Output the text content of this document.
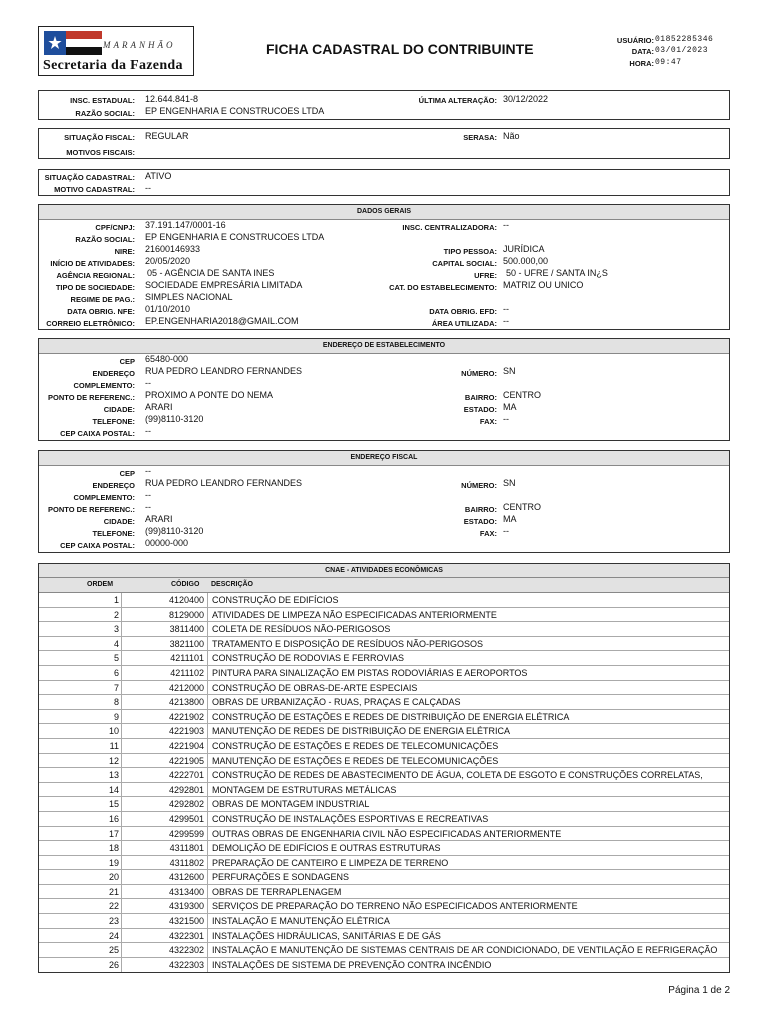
MARANHÃO
Secretaria da Fazenda
FICHA CADASTRAL DO CONTRIBUINTE
USUÁRIO: 01852285346
DATA: 03/01/2023
HORA: 09:47
INSC. ESTADUAL: 12.644.841-8
RAZÃO SOCIAL: EP ENGENHARIA E CONSTRUCOES LTDA
ÚLTIMA ALTERAÇÃO: 30/12/2022
SITUAÇÃO FISCAL: REGULAR
MOTIVOS FISCAIS:
SERASA: Não
SITUAÇÃO CADASTRAL: ATIVO
MOTIVO CADASTRAL: --
DADOS GERAIS
CPF/CNPJ: 37.191.147/0001-16
RAZÃO SOCIAL: EP ENGENHARIA E CONSTRUCOES LTDA
NIRE: 21600146933
INÍCIO DE ATIVIDADES: 20/05/2020
AGÊNCIA REGIONAL: 05 - AGÊNCIA DE SANTA INES
TIPO DE SOCIEDADE: SOCIEDADE EMPRESÁRIA LIMITADA
REGIME DE PAG.: SIMPLES NACIONAL
DATA OBRIG. NFE: 01/10/2010
CORREIO ELETRÔNICO: EP.ENGENHARIA2018@GMAIL.COM
INSC. CENTRALIZADORA: --
TIPO PESSOA: JURÍDICA
CAPITAL SOCIAL: 500.000,00
UFRE: 50 - UFRE / SANTA IN¿S
CAT. DO ESTABELECIMENTO: MATRIZ OU UNICO
DATA OBRIG. EFD: --
ÁREA UTILIZADA: --
ENDEREÇO DE ESTABELECIMENTO
CEP 65480-000
ENDEREÇO RUA PEDRO LEANDRO FERNANDES
COMPLEMENTO: --
PONTO DE REFERENC.: PROXIMO A PONTE DO NEMA
CIDADE: ARARI
TELEFONE: (99)8110-3120
CEP CAIXA POSTAL: --
NÚMERO: SN
BAIRRO: CENTRO
ESTADO: MA
FAX: --
ENDEREÇO FISCAL
CEP --
ENDEREÇO RUA PEDRO LEANDRO FERNANDES
COMPLEMENTO: --
PONTO DE REFERENC.: --
CIDADE: ARARI
TELEFONE: (99)8110-3120
CEP CAIXA POSTAL: 00000-000
NÚMERO: SN
BAIRRO: CENTRO
ESTADO: MA
FAX: --
CNAE - ATIVIDADES ECONÔMICAS
ORDEM	CÓDIGO DESCRIÇÃO
1	4120400 CONSTRUÇÃO DE EDIFÍCIOS
2	8129000 ATIVIDADES DE LIMPEZA NÃO ESPECIFICADAS ANTERIORMENTE
3	3811400 COLETA DE RESÍDUOS NÃO-PERIGOSOS
4	3821100 TRATAMENTO E DISPOSIÇÃO DE RESÍDUOS NÃO-PERIGOSOS
5	4211101 CONSTRUÇÃO DE RODOVIAS E FERROVIAS
6	4211102 PINTURA PARA SINALIZAÇÃO EM PISTAS RODOVIÁRIAS E AEROPORTOS
7	4212000 CONSTRUÇÃO DE OBRAS-DE-ARTE ESPECIAIS
8	4213800 OBRAS DE URBANIZAÇÃO - RUAS, PRAÇAS E CALÇADAS
9	4221902 CONSTRUÇÃO DE ESTAÇÕES E REDES DE DISTRIBUIÇÃO DE ENERGIA ELÉTRICA
10	4221903 MANUTENÇÃO DE REDES DE DISTRIBUIÇÃO DE ENERGIA ELÉTRICA
11	4221904 CONSTRUÇÃO DE ESTAÇÕES E REDES DE TELECOMUNICAÇÕES
12	4221905 MANUTENÇÃO DE ESTAÇÕES E REDES DE TELECOMUNICAÇÕES
13	4222701 CONSTRUÇÃO DE REDES DE ABASTECIMENTO DE ÁGUA, COLETA DE ESGOTO E CONSTRUÇÕES CORRELATAS,
14	4292801 MONTAGEM DE ESTRUTURAS METÁLICAS
15	4292802 OBRAS DE MONTAGEM INDUSTRIAL
16	4299501 CONSTRUÇÃO DE INSTALAÇÕES ESPORTIVAS E RECREATIVAS
17	4299599 OUTRAS OBRAS DE ENGENHARIA CIVIL NÃO ESPECIFICADAS ANTERIORMENTE
18	4311801 DEMOLIÇÃO DE EDIFÍCIOS E OUTRAS ESTRUTURAS
19	4311802 PREPARAÇÃO DE CANTEIRO E LIMPEZA DE TERRENO
20	4312600 PERFURAÇÕES E SONDAGENS
21	4313400 OBRAS DE TERRAPLENAGEM
22	4319300 SERVIÇOS DE PREPARAÇÃO DO TERRENO NÃO ESPECIFICADOS ANTERIORMENTE
23	4321500 INSTALAÇÃO E MANUTENÇÃO ELÉTRICA
24	4322301 INSTALAÇÕES HIDRÁULICAS, SANITÁRIAS E DE GÁS
25	4322302 INSTALAÇÃO E MANUTENÇÃO DE SISTEMAS CENTRAIS DE AR CONDICIONADO, DE VENTILAÇÃO E REFRIGERAÇÃO
26	4322303 INSTALAÇÕES DE SISTEMA DE PREVENÇÃO CONTRA INCÊNDIO
Página 1 de 2
